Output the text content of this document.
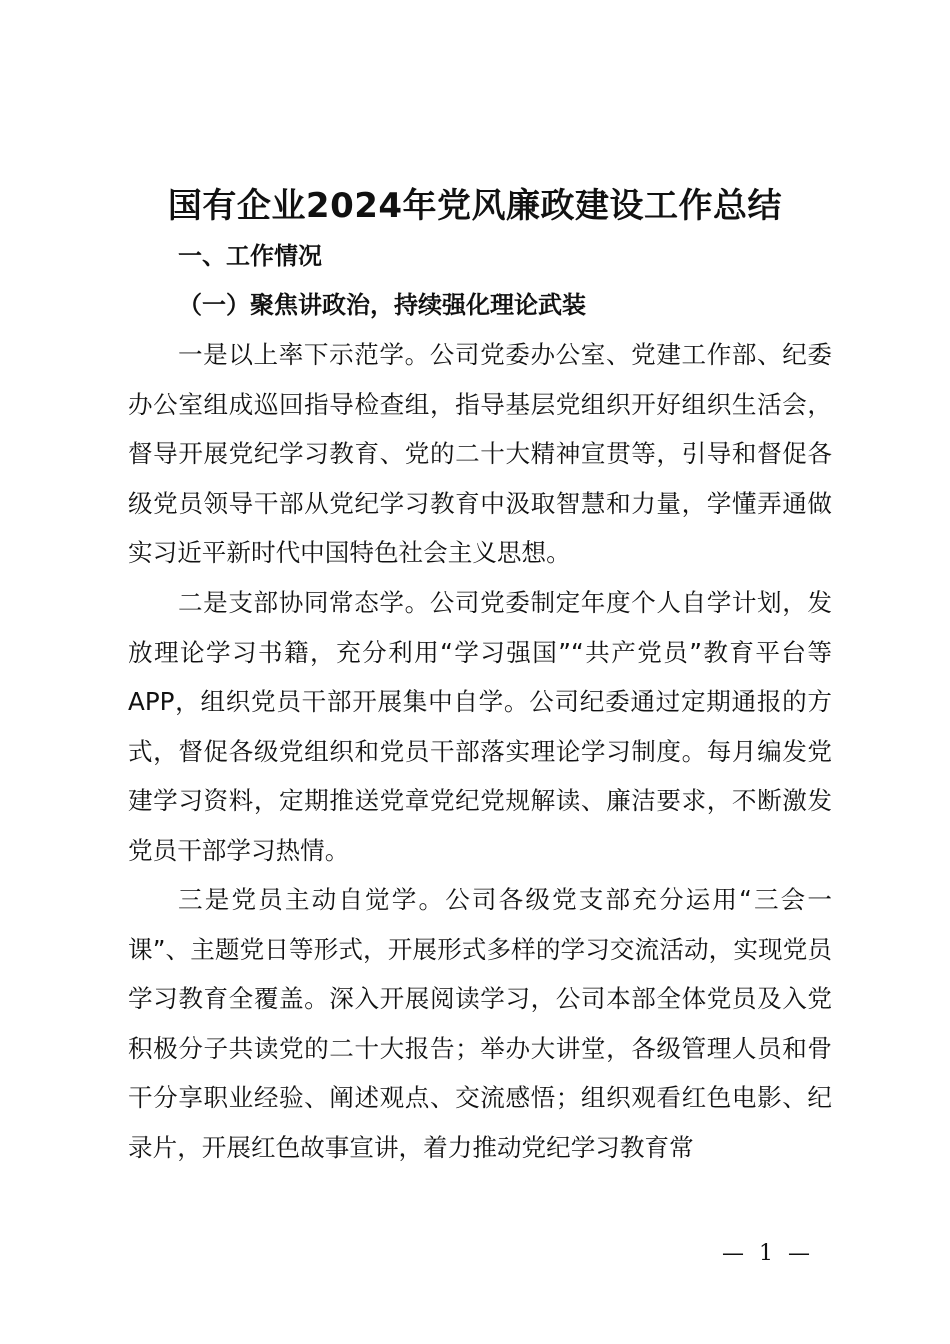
国有企业2024年党风廉政建设工作总结
一、工作情况
（一）聚焦讲政治，持续强化理论武装

一是以上率下示范学。公司党委办公室、党建工作部、纪委办公室组成巡回指导检查组，指导基层党组织开好组织生活会，督导开展党纪学习教育、党的二十大精神宣贯等，引导和督促各级党员领导干部从党纪学习教育中汲取智慧和力量，学懂弄通做实习近平新时代中国特色社会主义思想。

二是支部协同常态学。公司党委制定年度个人自学计划，发放理论学习书籍，充分利用“学习强国”“共产党员”教育平台等APP，组织党员干部开展集中自学。公司纪委通过定期通报的方式，督促各级党组织和党员干部落实理论学习制度。每月编发党建学习资料，定期推送党章党纪党规解读、廉洁要求，不断激发党员干部学习热情。

三是党员主动自觉学。公司各级党支部充分运用“三会一课”、主题党日等形式，开展形式多样的学习交流活动，实现党员学习教育全覆盖。深入开展阅读学习，公司本部全体党员及入党积极分子共读党的二十大报告；举办大讲堂，各级管理人员和骨干分享职业经验、阐述观点、交流感悟；组织观看红色电影、纪录片，开展红色故事宣讲，着力推动党纪学习教育常

— 1 —
